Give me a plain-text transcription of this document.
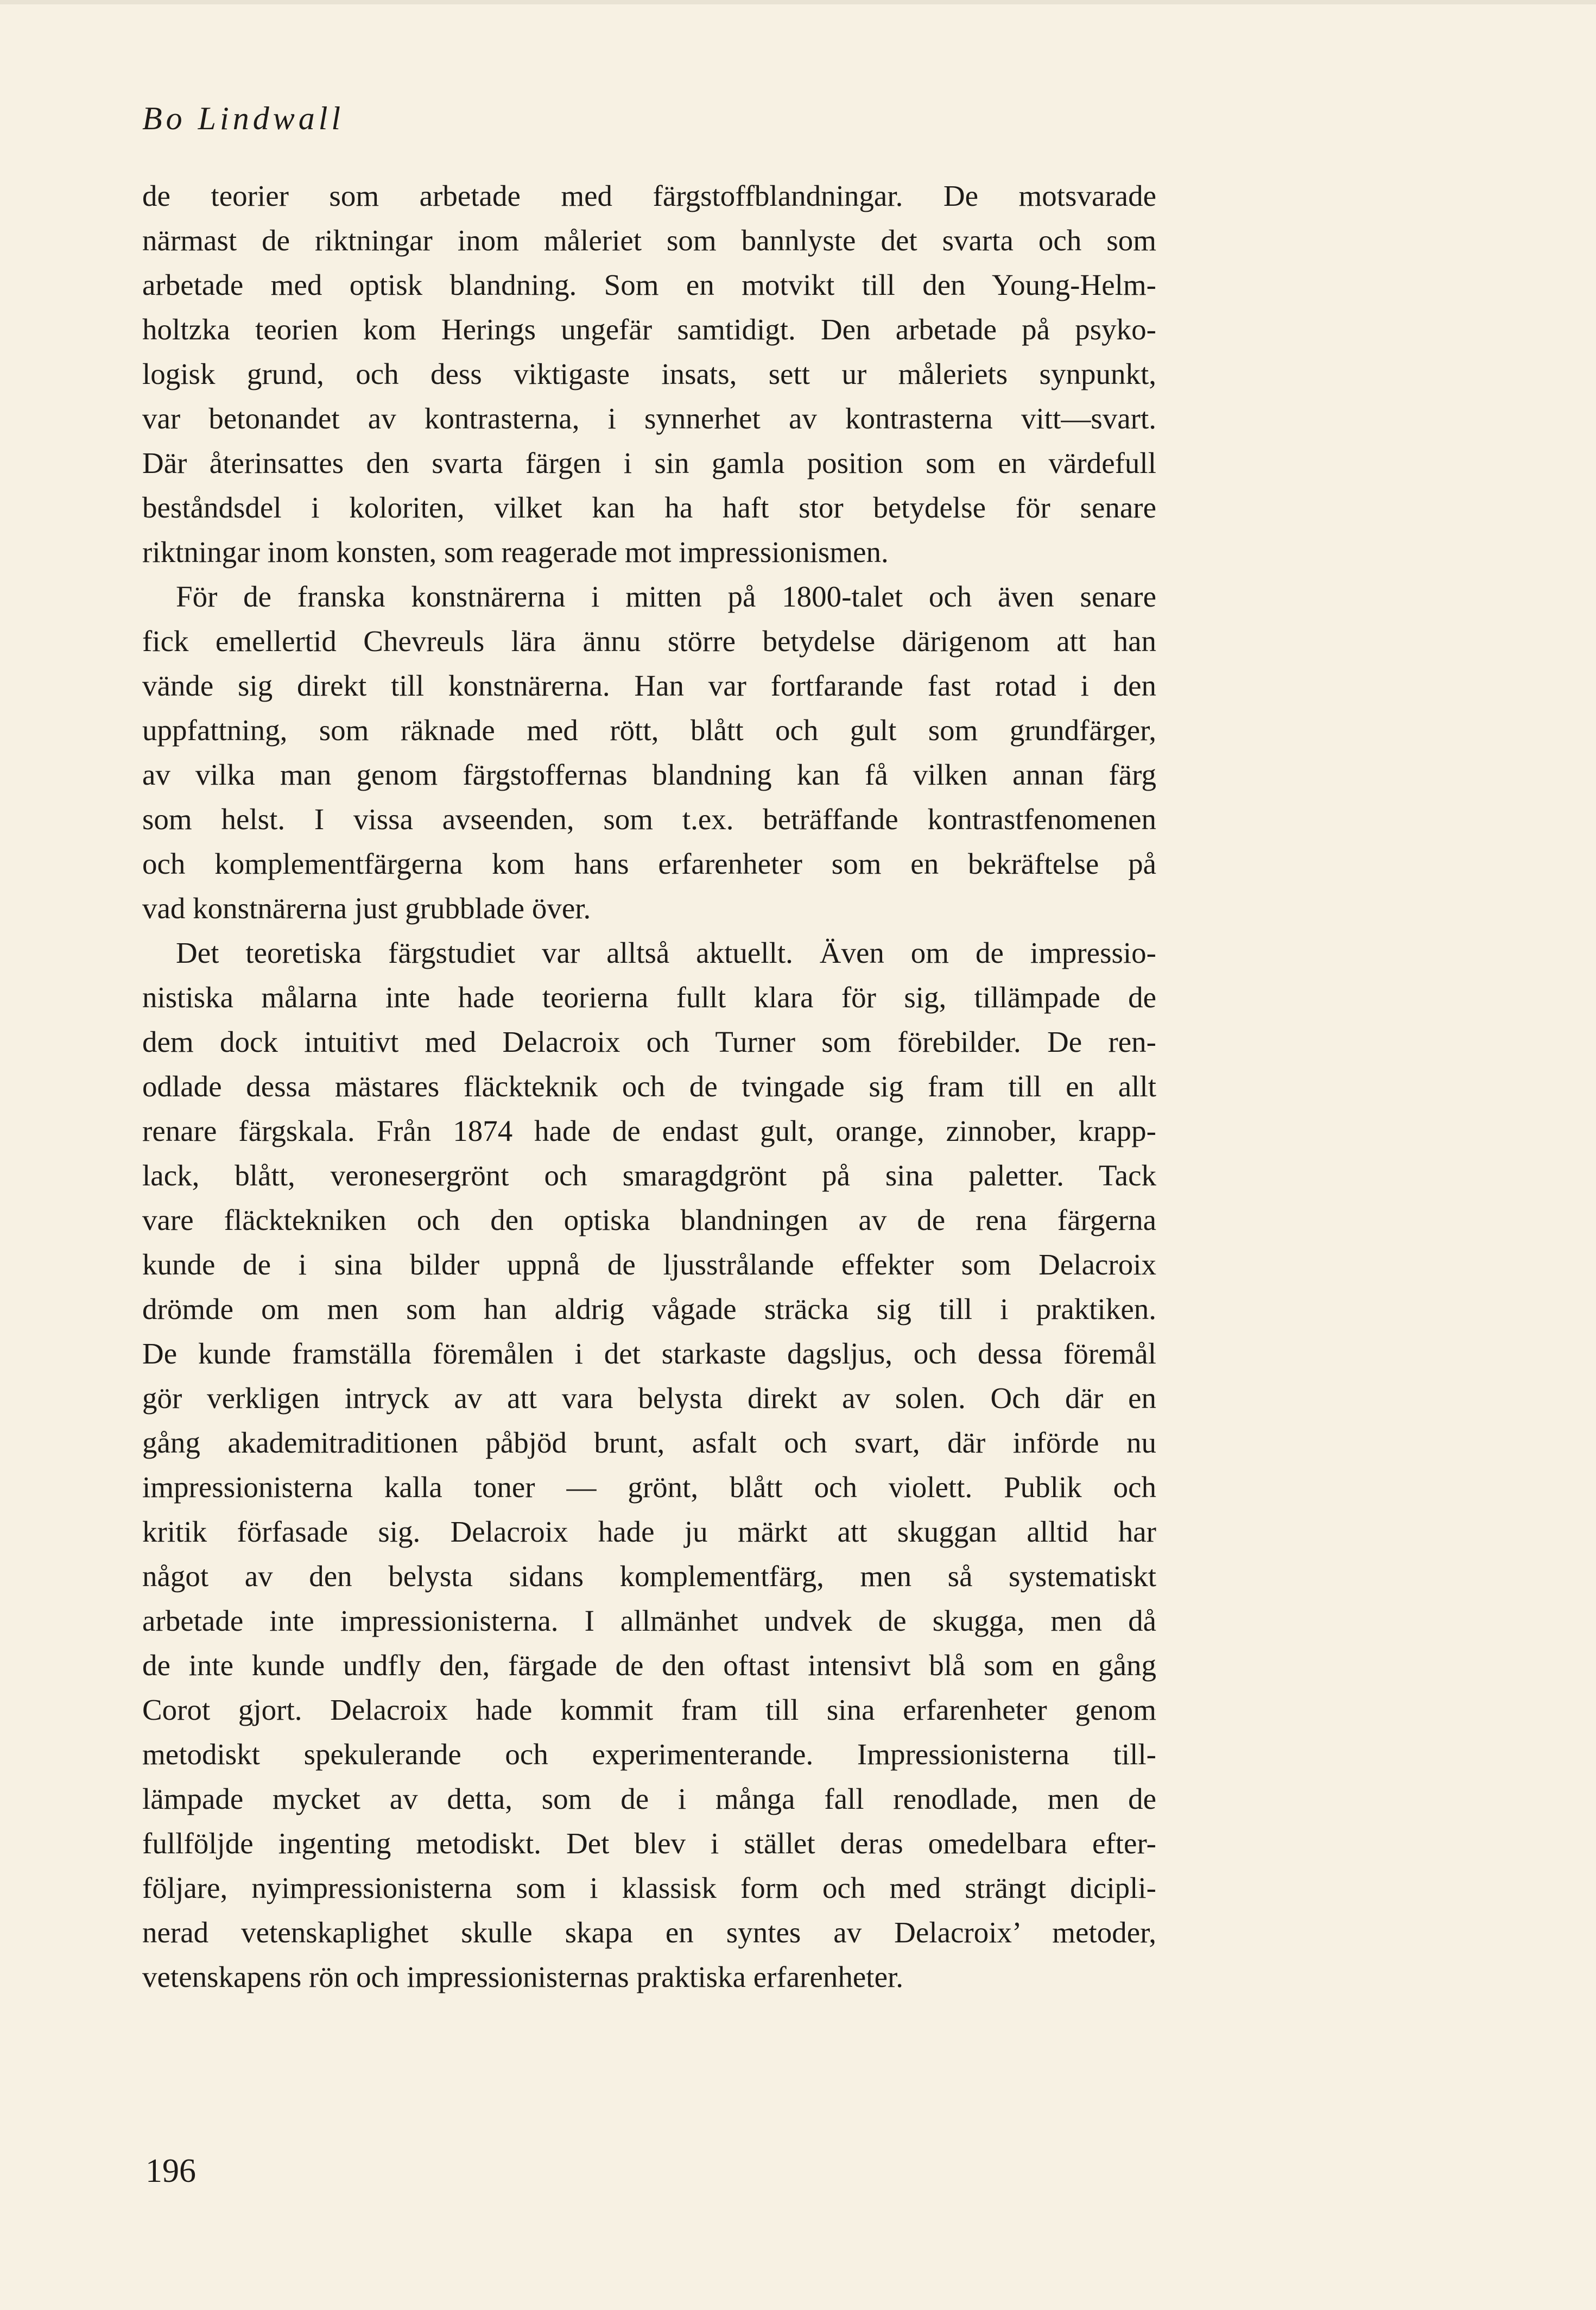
Bo Lindwall
de teorier som arbetade med färgstoffblandningar. De motsvarade
närmast de riktningar inom måleriet som bannlyste det svarta och som
arbetade med optisk blandning. Som en motvikt till den Young-Helm-
holtzka teorien kom Herings ungefär samtidigt. Den arbetade på psyko-
logisk grund, och dess viktigaste insats, sett ur måleriets synpunkt,
var betonandet av kontrasterna, i synnerhet av kontrasterna vitt—svart.
Där återinsattes den svarta färgen i sin gamla position som en värdefull
beståndsdel i koloriten, vilket kan ha haft stor betydelse för senare
riktningar inom konsten, som reagerade mot impressionismen.
För de franska konstnärerna i mitten på 1800-talet och även senare
fick emellertid Chevreuls lära ännu större betydelse därigenom att han
vände sig direkt till konstnärerna. Han var fortfarande fast rotad i den
uppfattning, som räknade med rött, blått och gult som grundfärger,
av vilka man genom färgstoffernas blandning kan få vilken annan färg
som helst. I vissa avseenden, som t.ex. beträffande kontrastfenomenen
och komplementfärgerna kom hans erfarenheter som en bekräftelse på
vad konstnärerna just grubblade över.
Det teoretiska färgstudiet var alltså aktuellt. Även om de impressio-
nistiska målarna inte hade teorierna fullt klara för sig, tillämpade de
dem dock intuitivt med Delacroix och Turner som förebilder. De ren-
odlade dessa mästares fläckteknik och de tvingade sig fram till en allt
renare färgskala. Från 1874 hade de endast gult, orange, zinnober, krapp-
lack, blått, veronesergrönt och smaragdgrönt på sina paletter. Tack
vare fläcktekniken och den optiska blandningen av de rena färgerna
kunde de i sina bilder uppnå de ljusstrålande effekter som Delacroix
drömde om men som han aldrig vågade sträcka sig till i praktiken.
De kunde framställa föremålen i det starkaste dagsljus, och dessa föremål
gör verkligen intryck av att vara belysta direkt av solen. Och där en
gång akademitraditionen påbjöd brunt, asfalt och svart, där införde nu
impressionisterna kalla toner — grönt, blått och violett. Publik och
kritik förfasade sig. Delacroix hade ju märkt att skuggan alltid har
något av den belysta sidans komplementfärg, men så systematiskt
arbetade inte impressionisterna. I allmänhet undvek de skugga, men då
de inte kunde undfly den, färgade de den oftast intensivt blå som en gång
Corot gjort. Delacroix hade kommit fram till sina erfarenheter genom
metodiskt spekulerande och experimenterande. Impressionisterna till-
lämpade mycket av detta, som de i många fall renodlade, men de
fullföljde ingenting metodiskt. Det blev i stället deras omedelbara efter-
följare, nyimpressionisterna som i klassisk form och med strängt dicipli-
nerad vetenskaplighet skulle skapa en syntes av Delacroix’ metoder,
vetenskapens rön och impressionisternas praktiska erfarenheter.
196
